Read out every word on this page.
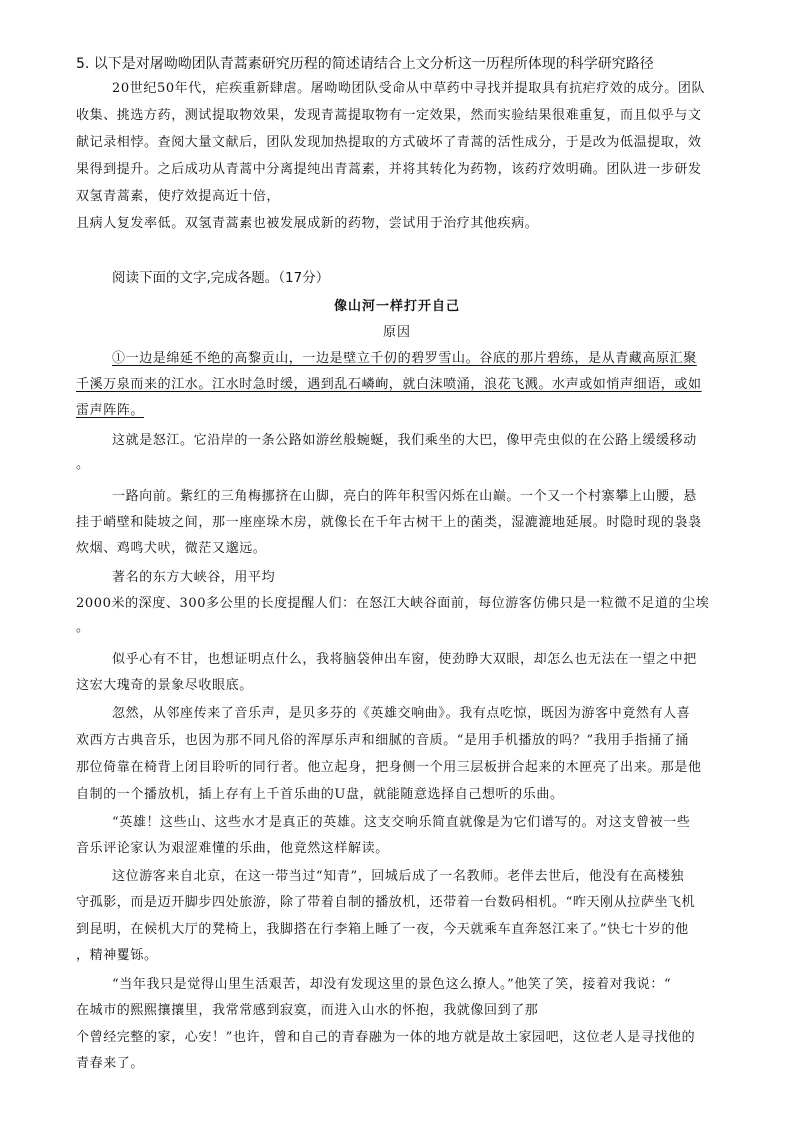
5. 以下是对屠呦呦团队青蒿素研究历程的简述请结合上文分析这一历程所体现的科学研究路径
20世纪50年代，疟疾重新肆虐。屠呦呦团队受命从中草药中寻找并提取具有抗疟疗效的成分。团队
收集、挑选方药，测试提取物效果，发现青蒿提取物有一定效果，然而实验结果很难重复，而且似乎与文
献记录相悖。查阅大量文献后，团队发现加热提取的方式破坏了青蒿的活性成分，于是改为低温提取，效
果得到提升。之后成功从青蒿中分离提纯出青蒿素，并将其转化为药物，该药疗效明确。团队进一步研发
双氢青蒿素，使疗效提高近十倍，
且病人复发率低。双氢青蒿素也被发展成新的药物，尝试用于治疗其他疾病。
阅读下面的文字,完成各题。（17分）
像山河一样打开自己
原因
①一边是绵延不绝的高黎贡山，一边是壁立千仞的碧罗雪山。谷底的那片碧练，是从青藏高原汇聚
千溪万泉而来的江水。江水时急时缓，遇到乱石嶙峋，就白沫喷涌，浪花飞溅。水声或如悄声细语，或如
雷声阵阵。
这就是怒江。它沿岸的一条公路如游丝般蜿蜒，我们乘坐的大巴，像甲壳虫似的在公路上缓缓移动
。
一路向前。紫红的三角梅挪挤在山脚，亮白的阵年积雪闪烁在山巅。一个又一个村寨攀上山腰，悬
挂于峭壁和陡坡之间，那一座座垛木房，就像长在千年古树干上的菌类，湿漉漉地延展。时隐时现的袅袅
炊烟、鸡鸣犬吠，微茫又邈远。
著名的东方大峡谷，用平均
2000米的深度、300多公里的长度提醒人们：在怒江大峡谷面前，每位游客仿佛只是一粒微不足道的尘埃
。
似乎心有不甘，也想证明点什么，我将脑袋伸出车窗，使劲睁大双眼，却怎么也无法在一望之中把
这宏大瑰奇的景象尽收眼底。
忽然，从邻座传来了音乐声，是贝多芬的《英雄交响曲》。我有点吃惊，既因为游客中竟然有人喜
欢西方古典音乐，也因为那不同凡俗的浑厚乐声和细腻的音质。“是用手机播放的吗？”我用手指捅了捅
那位倚靠在椅背上闭目聆听的同行者。他立起身，把身侧一个用三层板拼合起来的木匣亮了出来。那是他
自制的一个播放机，插上存有上千首乐曲的U盘，就能随意选择自己想听的乐曲。
“英雄！这些山、这些水才是真正的英雄。这支交响乐简直就像是为它们谱写的。对这支曾被一些
音乐评论家认为艰涩难懂的乐曲，他竟然这样解读。
这位游客来自北京，在这一带当过“知青”，回城后成了一名教师。老伴去世后，他没有在高楼独
守孤影，而是迈开脚步四处旅游，除了带着自制的播放机，还带着一台数码相机。“昨天刚从拉萨坐飞机
到昆明，在候机大厅的凳椅上，我脚搭在行李箱上睡了一夜，今天就乘车直奔怒江来了。”快七十岁的他
，精神矍铄。
“当年我只是觉得山里生活艰苦，却没有发现这里的景色这么撩人。”他笑了笑，接着对我说：“
在城市的熙熙攘攘里，我常常感到寂寞，而进入山水的怀抱，我就像回到了那
个曾经完整的家，心安！”也许，曾和自己的青春融为一体的地方就是故土家园吧，这位老人是寻找他的
青春来了。
